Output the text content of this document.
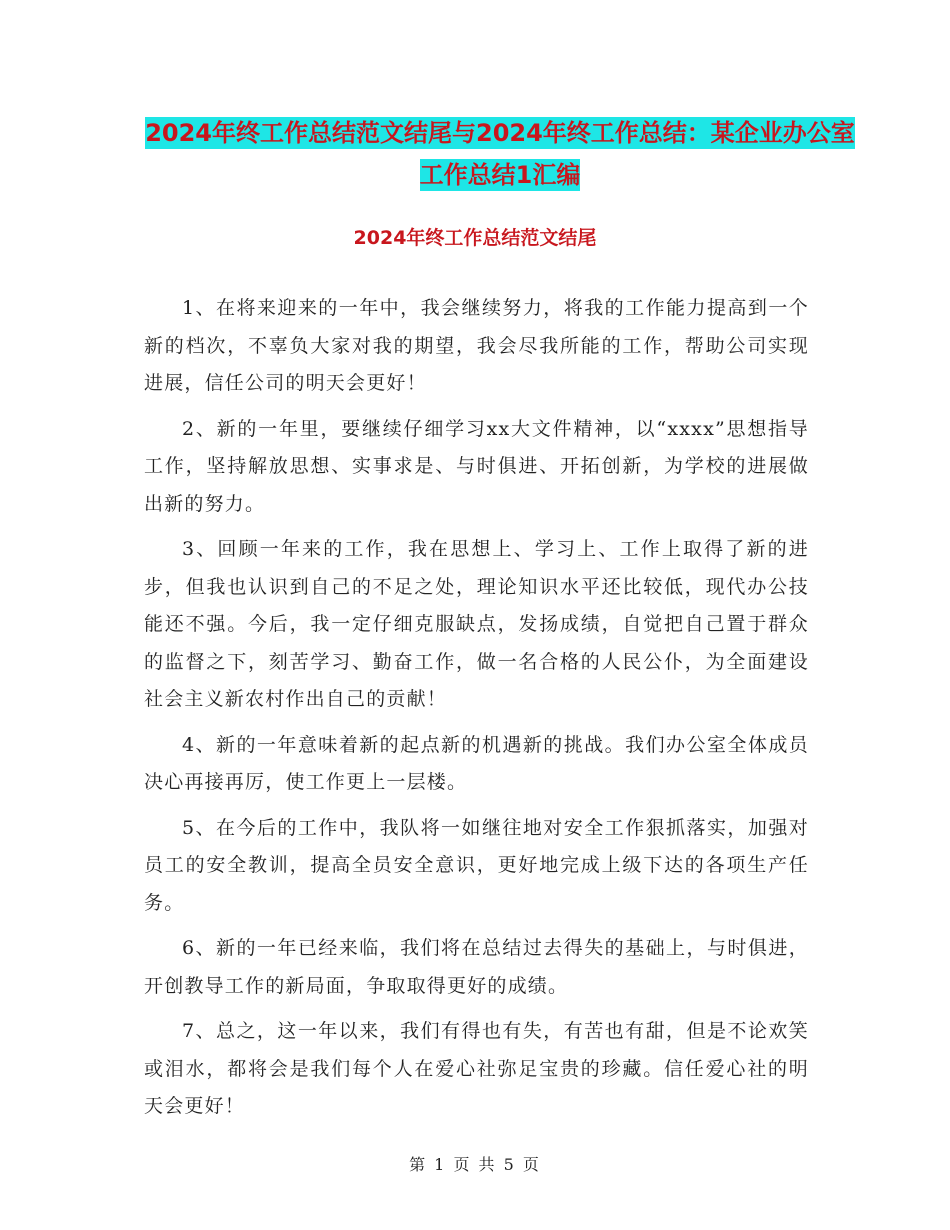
2024年终工作总结范文结尾与2024年终工作总结：某企业办公室工作总结1汇编
2024年终工作总结范文结尾

1、在将来迎来的一年中，我会继续努力，将我的工作能力提高到一个新的档次，不辜负大家对我的期望，我会尽我所能的工作，帮助公司实现进展，信任公司的明天会更好！

2、新的一年里，要继续仔细学习xx大文件精神，以“xxxx”思想指导工作，坚持解放思想、实事求是、与时俱进、开拓创新，为学校的进展做出新的努力。

3、回顾一年来的工作，我在思想上、学习上、工作上取得了新的进步，但我也认识到自己的不足之处，理论知识水平还比较低，现代办公技能还不强。今后，我一定仔细克服缺点，发扬成绩，自觉把自己置于群众的监督之下，刻苦学习、勤奋工作，做一名合格的人民公仆，为全面建设社会主义新农村作出自己的贡献！

4、新的一年意味着新的起点新的机遇新的挑战。我们办公室全体成员决心再接再厉，使工作更上一层楼。

5、在今后的工作中，我队将一如继往地对安全工作狠抓落实，加强对员工的安全教训，提高全员安全意识，更好地完成上级下达的各项生产任务。

6、新的一年已经来临，我们将在总结过去得失的基础上，与时俱进，开创教导工作的新局面，争取取得更好的成绩。

7、总之，这一年以来，我们有得也有失，有苦也有甜，但是不论欢笑或泪水，都将会是我们每个人在爱心社弥足宝贵的珍藏。信任爱心社的明天会更好！

第 1 页 共 5 页
